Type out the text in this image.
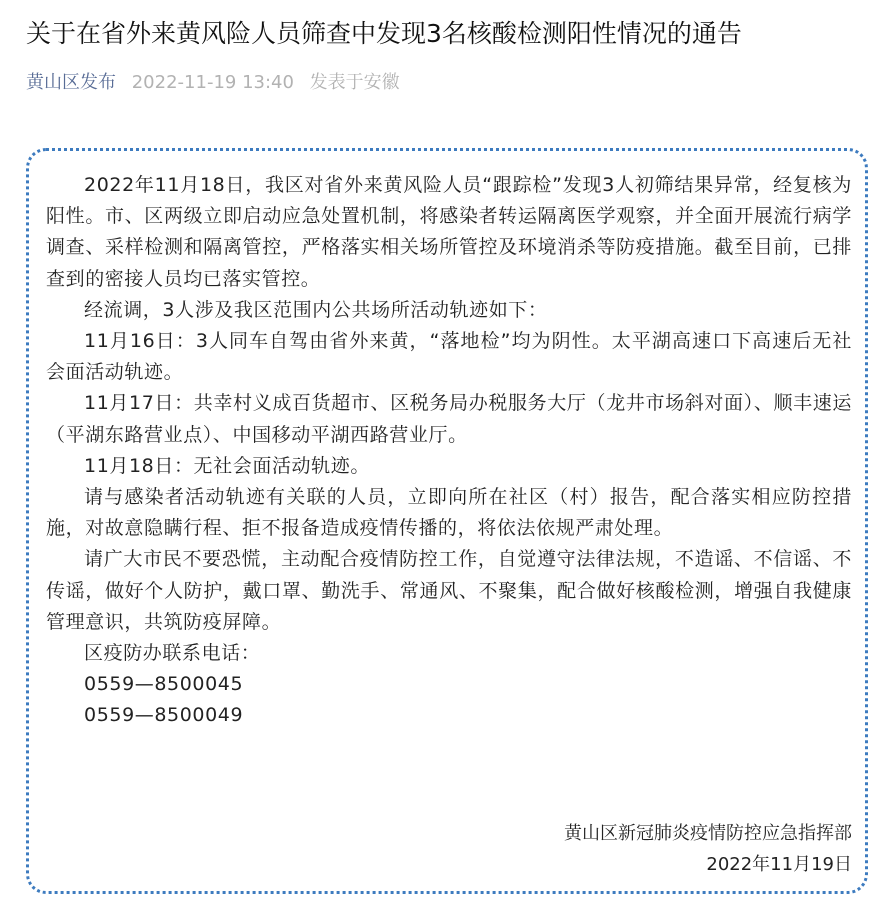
关于在省外来黄风险人员筛查中发现3名核酸检测阳性情况的通告
黄山区发布 2022-11-19 13:40 发表于安徽

2022年11月18日，我区对省外来黄风险人员“跟踪检”发现3人初筛结果异常，经复核为阳性。市、区两级立即启动应急处置机制，将感染者转运隔离医学观察，并全面开展流行病学调查、采样检测和隔离管控，严格落实相关场所管控及环境消杀等防疫措施。截至目前，已排查到的密接人员均已落实管控。

经流调，3人涉及我区范围内公共场所活动轨迹如下：

11月16日：3人同车自驾由省外来黄，“落地检”均为阴性。太平湖高速口下高速后无社会面活动轨迹。

11月17日：共幸村义成百货超市、区税务局办税服务大厅（龙井市场斜对面）、顺丰速运（平湖东路营业点）、中国移动平湖西路营业厅。

11月18日：无社会面活动轨迹。

请与感染者活动轨迹有关联的人员，立即向所在社区（村）报告，配合落实相应防控措施，对故意隐瞒行程、拒不报备造成疫情传播的，将依法依规严肃处理。

请广大市民不要恐慌，主动配合疫情防控工作，自觉遵守法律法规，不造谣、不信谣、不传谣，做好个人防护，戴口罩、勤洗手、常通风、不聚集，配合做好核酸检测，增强自我健康管理意识，共筑防疫屏障。

区疫防办联系电话：

0559—8500045

0559—8500049

黄山区新冠肺炎疫情防控应急指挥部
2022年11月19日
